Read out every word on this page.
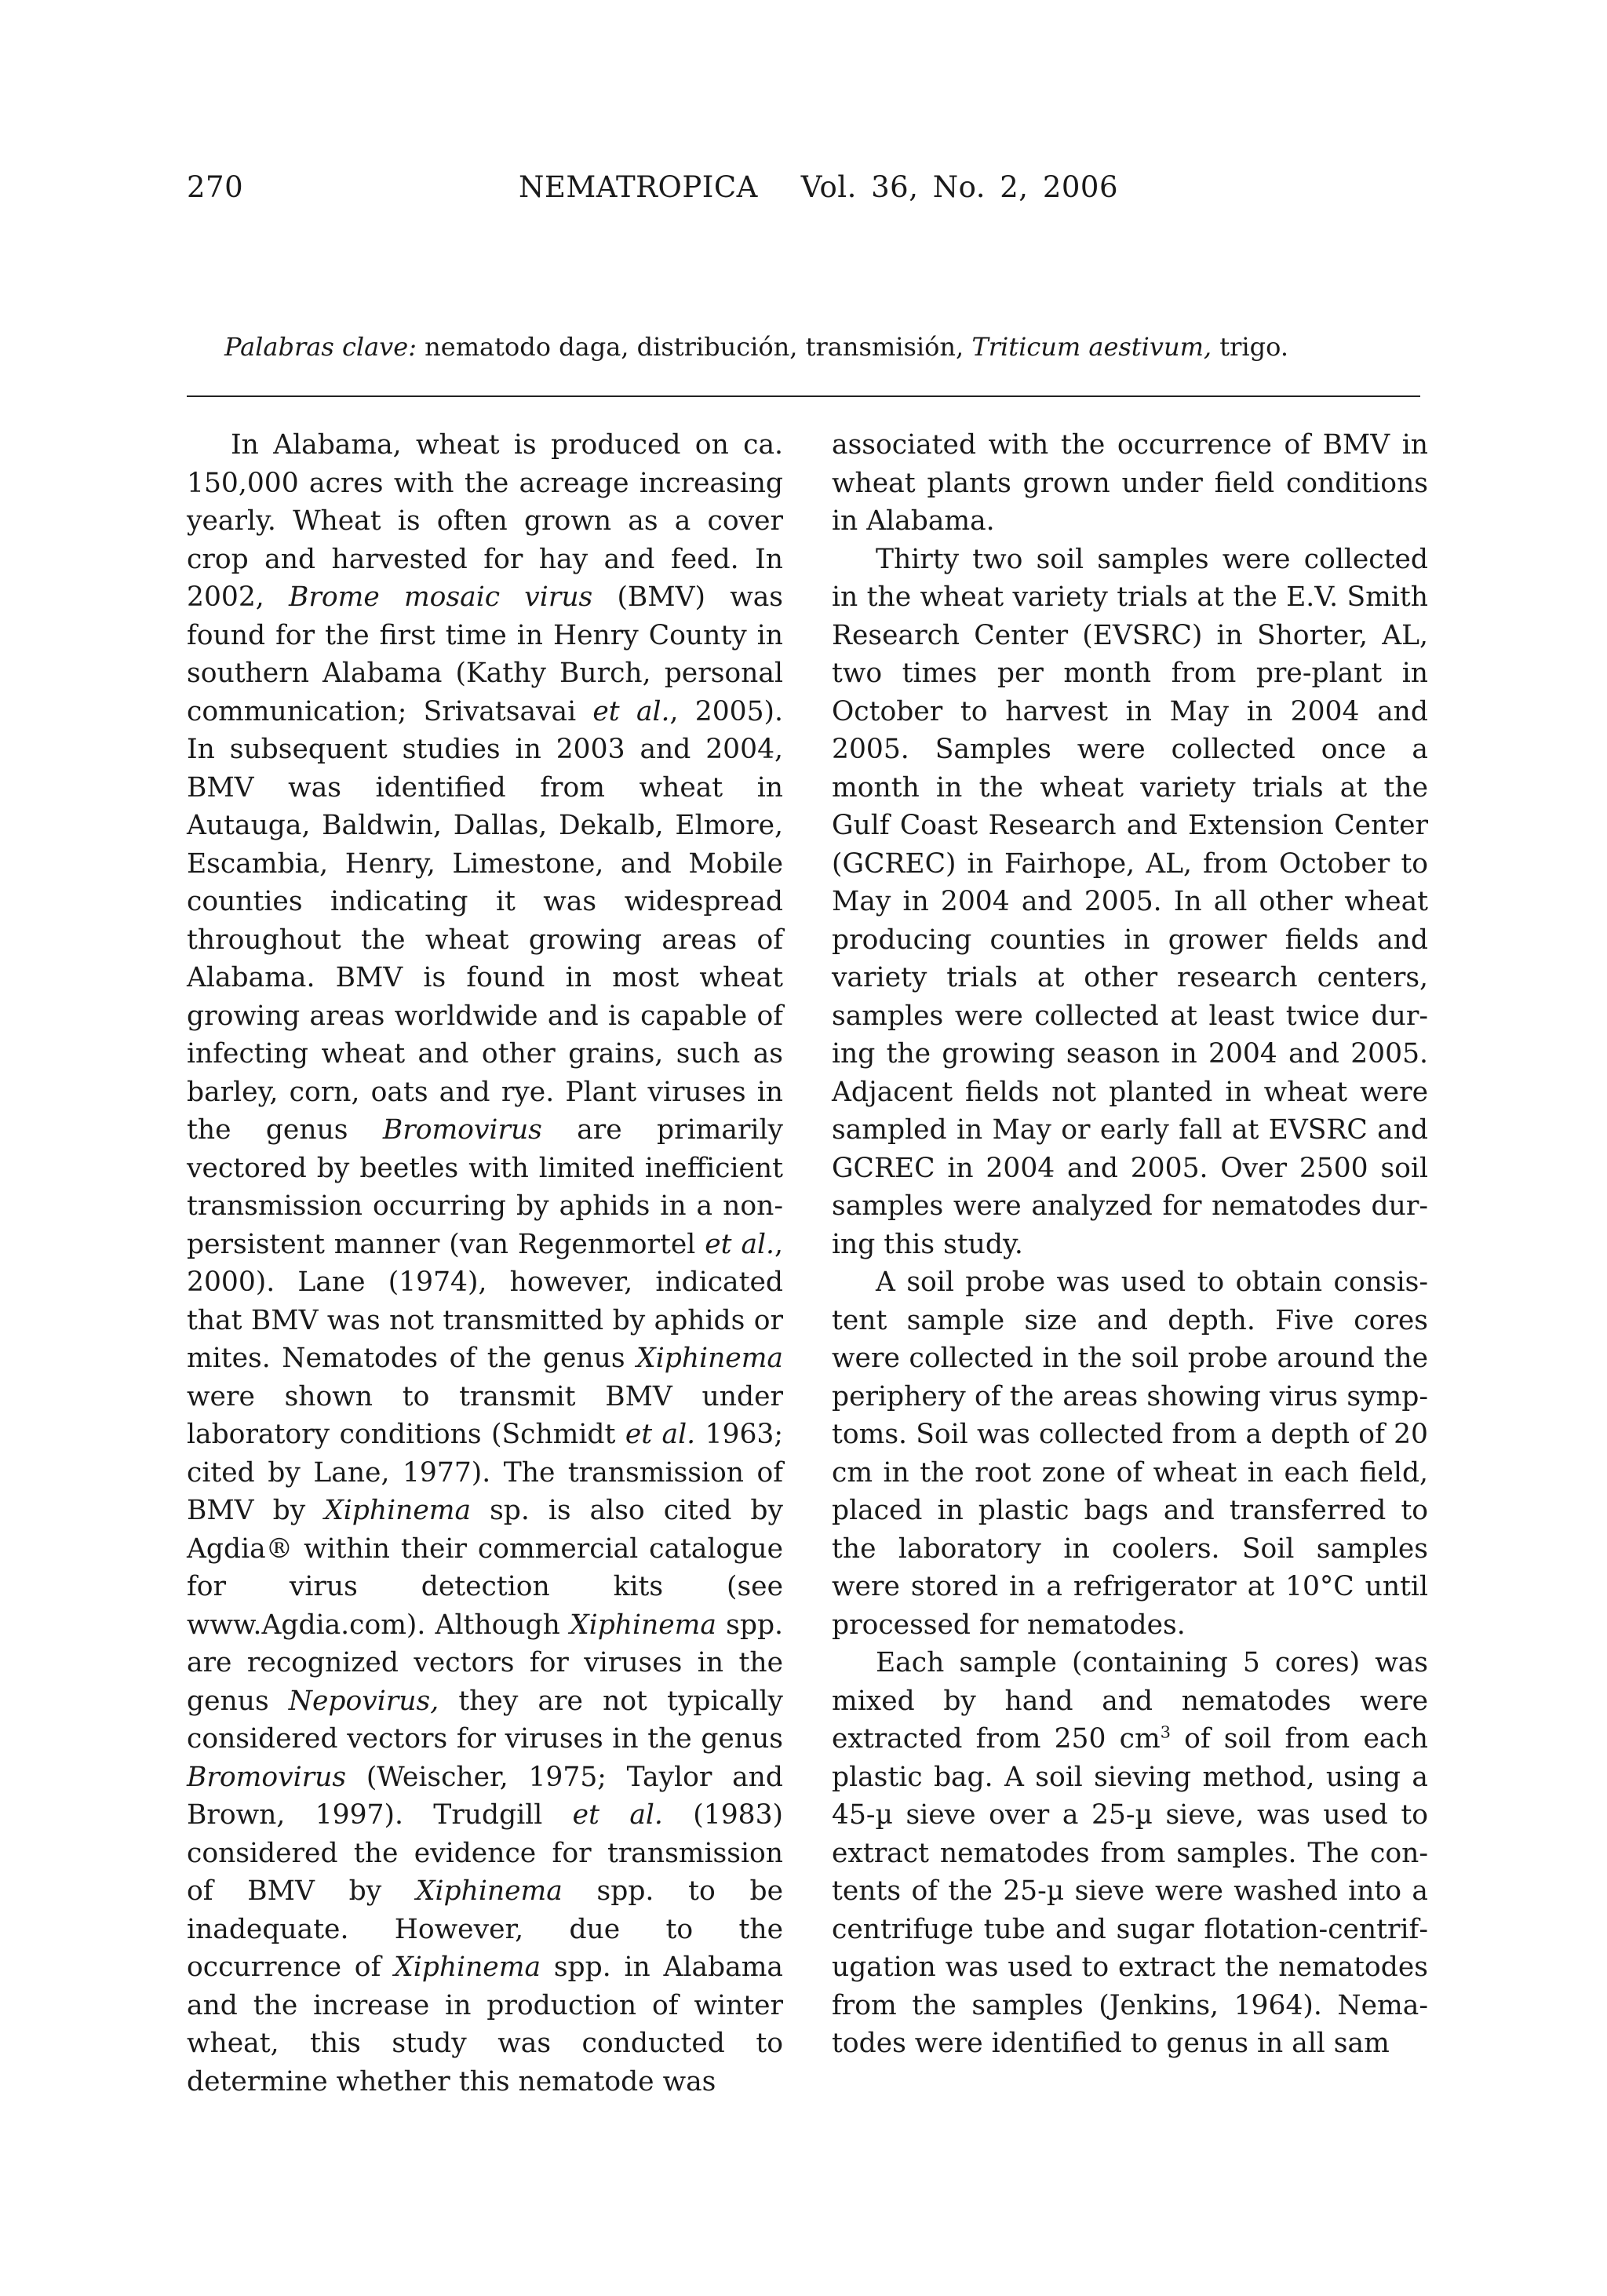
270	NEMATROPICA Vol. 36, No. 2, 2006
Palabras clave: nematodo daga, distribución, transmisión, Triticum aestivum, trigo.

In Alabama, wheat is produced on ca. 150,000 acres with the acreage increasing yearly. Wheat is often grown as a cover crop and harvested for hay and feed. In 2002, Brome mosaic virus (BMV) was found for the first time in Henry County in southern Alabama (Kathy Burch, personal communication; Srivatsavai et al., 2005). In subsequent studies in 2003 and 2004, BMV was identified from wheat in Autauga, Baldwin, Dallas, Dekalb, Elmore, Escambia, Henry, Limestone, and Mobile counties indicating it was widespread throughout the wheat growing areas of Alabama. BMV is found in most wheat growing areas worldwide and is capable of infecting wheat and other grains, such as barley, corn, oats and rye. Plant viruses in the genus Bromovirus are primarily vectored by beetles with limited inefficient transmission occurring by aphids in a non-persistent manner (van Regenmortel et al., 2000). Lane (1974), however, indicated that BMV was not transmitted by aphids or mites. Nematodes of the genus Xiphinema were shown to transmit BMV under laboratory conditions (Schmidt et al. 1963; cited by Lane, 1977). The transmission of BMV by Xiphinema sp. is also cited by Agdia® within their commercial catalogue for virus detection kits (see www.Agdia.com). Although Xiphinema spp. are recognized vectors for viruses in the genus Nepovirus, they are not typically considered vectors for viruses in the genus Bromovirus (Weischer, 1975; Taylor and Brown, 1997). Trudgill et al. (1983) considered the evidence for transmission of BMV by Xiphinema spp. to be inadequate. However, due to the occurrence of Xiphinema spp. in Alabama and the increase in production of winter wheat, this study was conducted to determine whether this nematode was

associated with the occurrence of BMV in wheat plants grown under field conditions in Alabama.

Thirty two soil samples were collected in the wheat variety trials at the E.V. Smith Research Center (EVSRC) in Shorter, AL, two times per month from pre-plant in October to harvest in May in 2004 and 2005. Samples were collected once a month in the wheat variety trials at the Gulf Coast Research and Extension Center (GCREC) in Fairhope, AL, from October to May in 2004 and 2005. In all other wheat producing counties in grower fields and variety trials at other research centers, samples were collected at least twice during the growing season in 2004 and 2005. Adjacent fields not planted in wheat were sampled in May or early fall at EVSRC and GCREC in 2004 and 2005. Over 2500 soil samples were analyzed for nematodes during this study.

A soil probe was used to obtain consistent sample size and depth. Five cores were collected in the soil probe around the periphery of the areas showing virus symptoms. Soil was collected from a depth of 20 cm in the root zone of wheat in each field, placed in plastic bags and transferred to the laboratory in coolers. Soil samples were stored in a refrigerator at 10°C until processed for nematodes.

Each sample (containing 5 cores) was mixed by hand and nematodes were extracted from 250 $cm^3$ of soil from each plastic bag. A soil sieving method, using a 45-µ sieve over a 25-µ sieve, was used to extract nematodes from samples. The contents of the 25-µ sieve were washed into a centrifuge tube and sugar flotation-centrifugation was used to extract the nematodes from the samples (Jenkins, 1964). Nematodes were identified to genus in all sam
